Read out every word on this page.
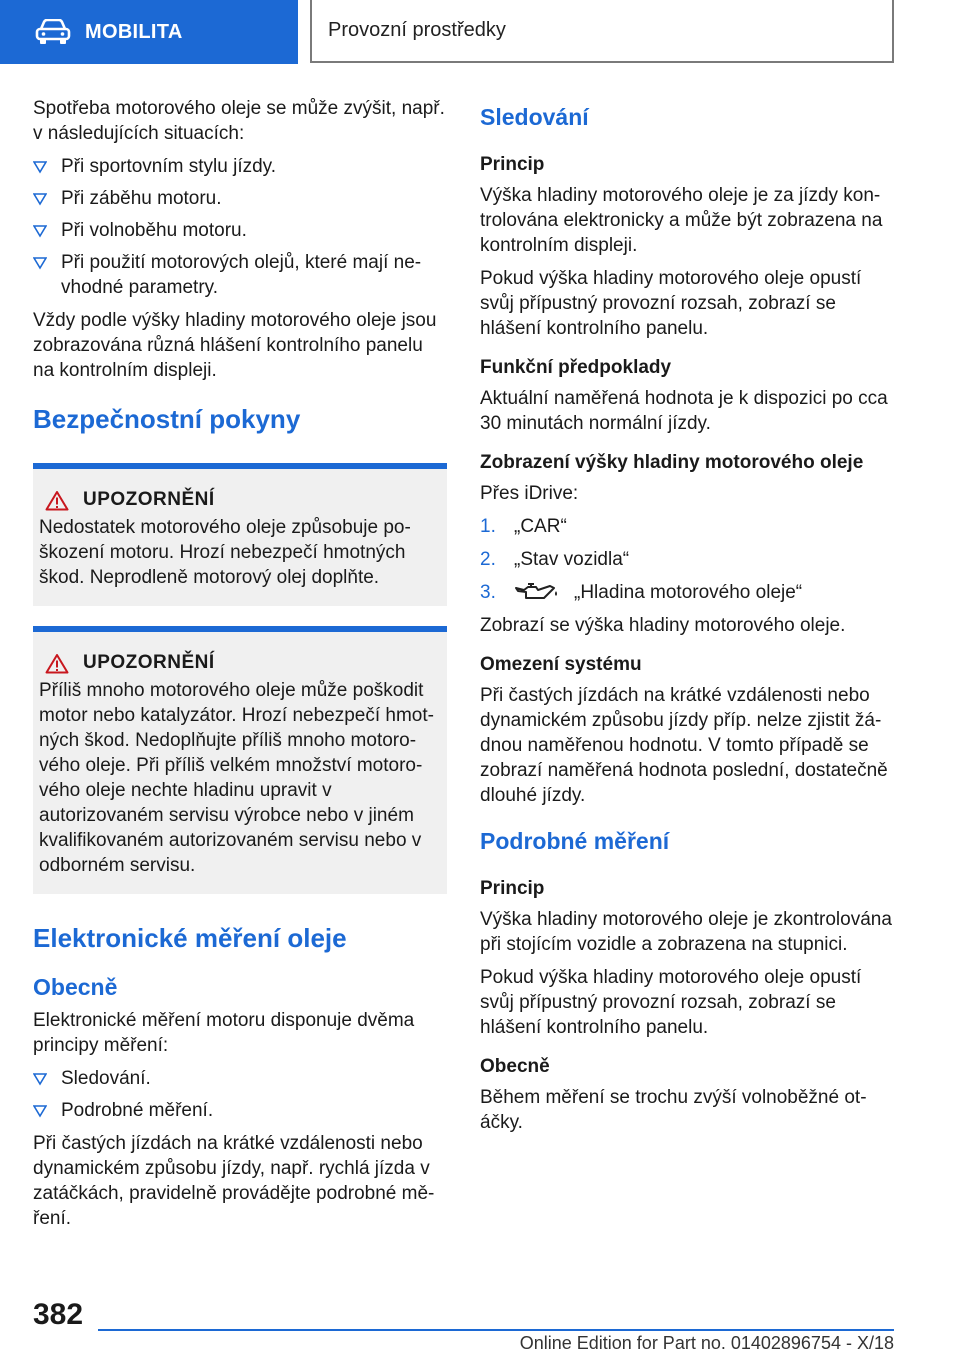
MOBILITA	Provozní prostředky

Spotřeba motorového oleje se může zvýšit, např. v následujících situacích:

Při sportovním stylu jízdy.
Při záběhu motoru.
Při volnoběhu motoru.
Při použití motorových olejů, které mají ne-vhodné parametry.

Vždy podle výšky hladiny motorového oleje jsou zobrazována různá hlášení kontrolního panelu na kontrolním displeji.

Bezpečnostní pokyny
UPOZORNĚNÍ

Nedostatek motorového oleje způsobuje po-škození motoru. Hrozí nebezpečí hmotných škod. Neprodleně motorový olej doplňte.

UPOZORNĚNÍ

Příliš mnoho motorového oleje může poškodit motor nebo katalyzátor. Hrozí nebezpečí hmot-ných škod. Nedoplňujte příliš mnoho motoro-vého oleje. Při příliš velkém množství motoro-vého oleje nechte hladinu upravit v autorizovaném servisu výrobce nebo v jiném kvalifikovaném autorizovaném servisu nebo v odborném servisu.

Elektronické měření oleje
Obecně

Elektronické měření motoru disponuje dvěma principy měření:

Sledování.
Podrobné měření.

Při častých jízdách na krátké vzdálenosti nebo dynamickém způsobu jízdy, např. rychlá jízda v zatáčkách, pravidelně provádějte podrobné mě-ření.

Sledování
Princip

Výška hladiny motorového oleje je za jízdy kon-trolována elektronicky a může být zobrazena na kontrolním displeji.

Pokud výška hladiny motorového oleje opustí svůj přípustný provozní rozsah, zobrazí se hlášení kontrolního panelu.

Funkční předpoklady

Aktuální naměřená hodnota je k dispozici po cca 30 minutách normální jízdy.

Zobrazení výšky hladiny motorového oleje

Přes iDrive:

1. „CAR“
2. „Stav vozidla“
3.	„Hladina motorového oleje“

Zobrazí se výška hladiny motorového oleje.

Omezení systému

Při častých jízdách na krátké vzdálenosti nebo dynamickém způsobu jízdy příp. nelze zjistit žá-dnou naměřenou hodnotu. V tomto případě se zobrazí naměřená hodnota poslední, dostatečně dlouhé jízdy.

Podrobné měření
Princip

Výška hladiny motorového oleje je zkontrolována při stojícím vozidle a zobrazena na stupnici.

Pokud výška hladiny motorového oleje opustí svůj přípustný provozní rozsah, zobrazí se hlášení kontrolního panelu.

Obecně

Během měření se trochu zvýší volnoběžné ot-áčky.

382
Online Edition for Part no. 01402896754 - X/18
